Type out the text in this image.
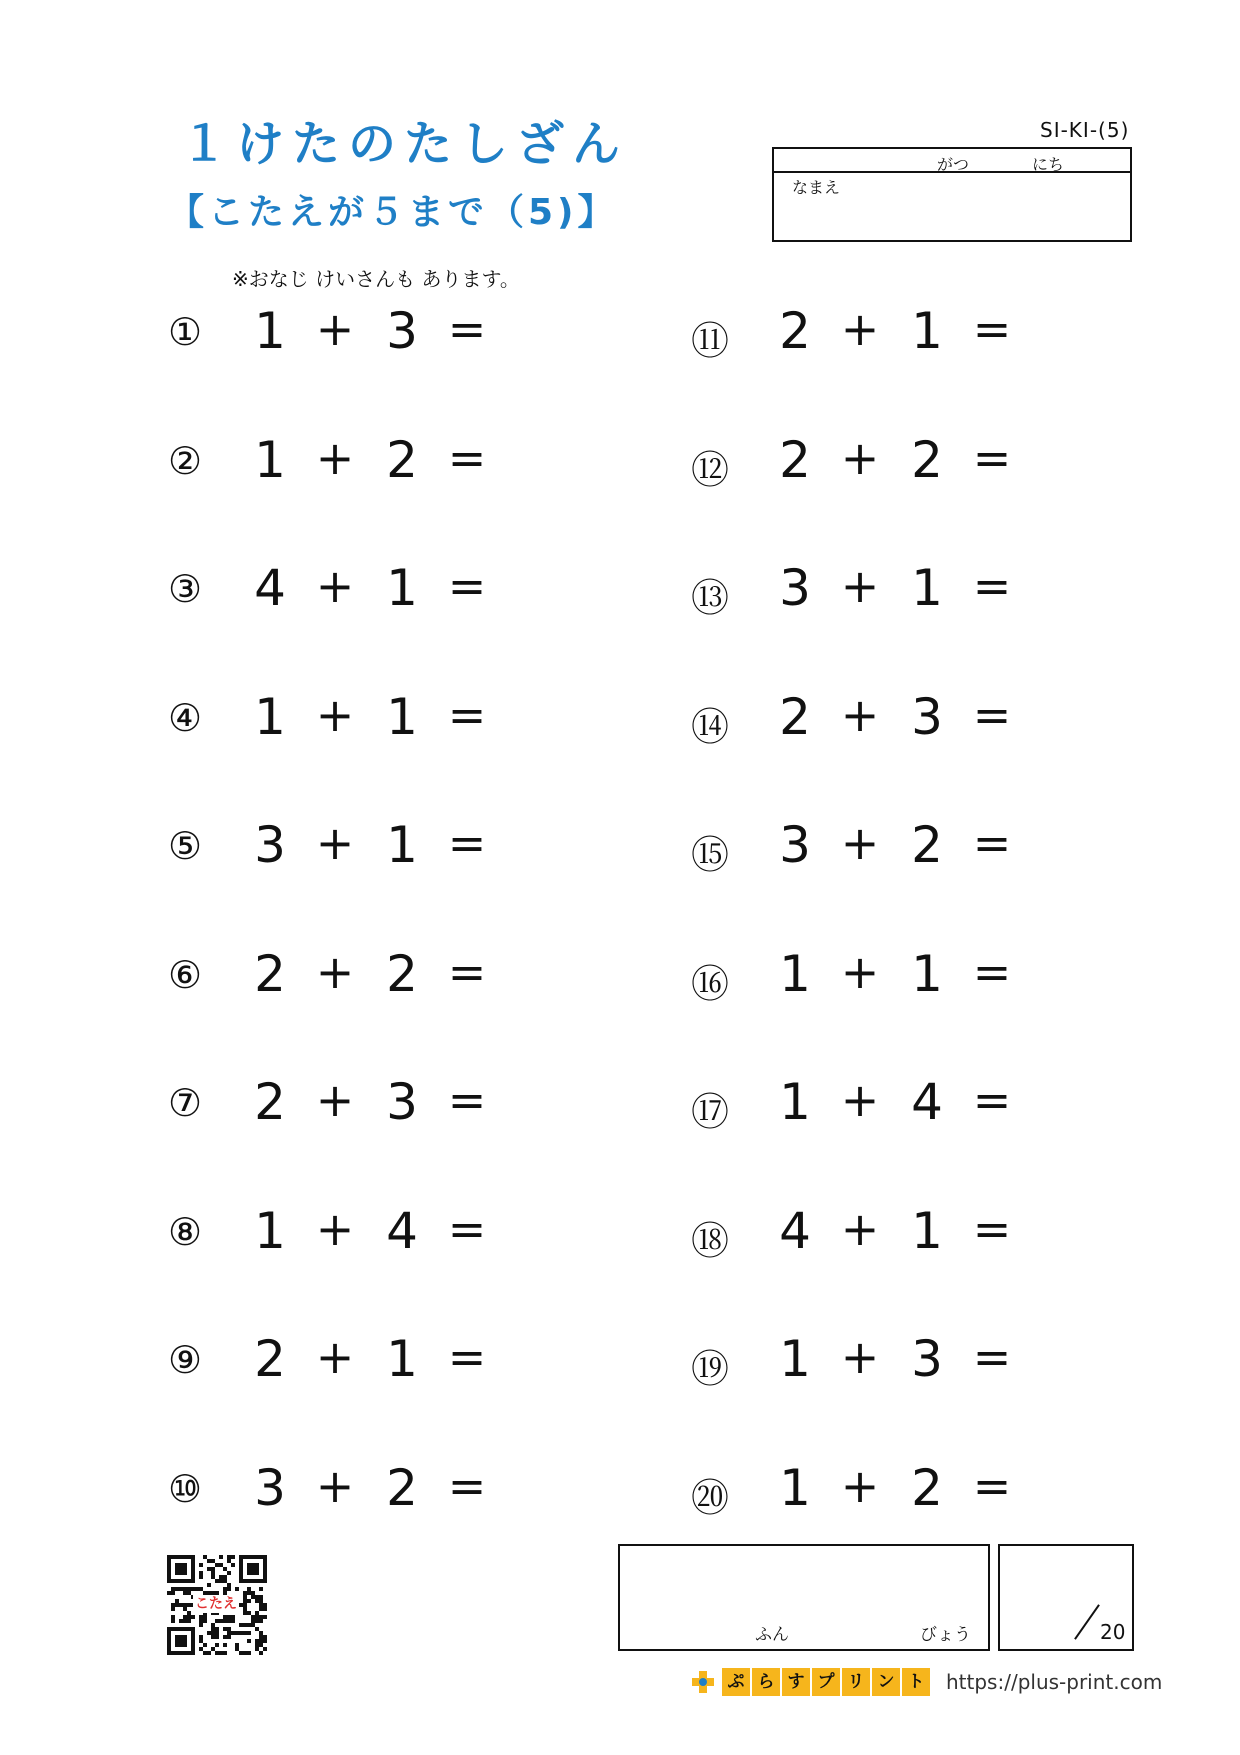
SI-KI-(5)
１けたのたしざん
【こたえが５まで（5)】
※おなじ けいさんも あります。
がつ	にち
なまえ
① 1 + 3 =
② 1 + 2 =
③ 4 + 1 =
④ 1 + 1 =
⑤ 3 + 1 =
⑥ 2 + 2 =
⑦ 2 + 3 =
⑧ 1 + 4 =
⑨ 2 + 1 =
⑩ 3 + 2 =
⑪ 2 + 1 =
⑫ 2 + 2 =
⑬ 3 + 1 =
⑭ 2 + 3 =
⑮ 3 + 2 =
⑯ 1 + 1 =
⑰ 1 + 4 =
⑱ 4 + 1 =
⑲ 1 + 3 =
⑳ 1 + 2 =
こたえ
ふん	びょう	20
ぷ ら す プ リ ン ト https://plus-print.com
